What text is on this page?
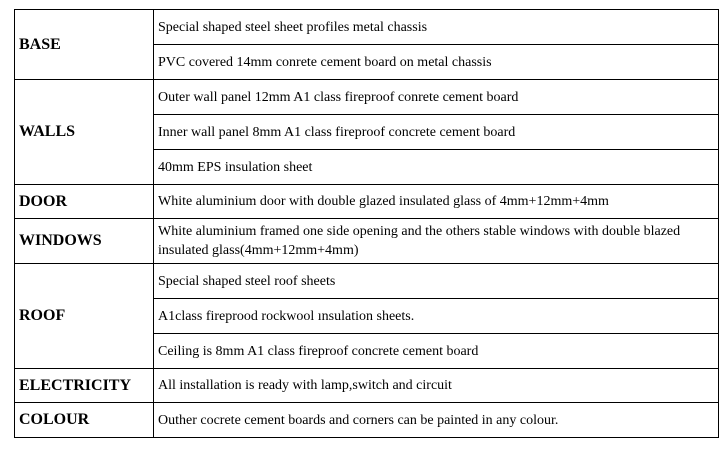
BASE	Special shaped steel sheet profiles metal chassis
	PVC covered 14mm conrete cement board on metal chassis
WALLS	Outer wall panel 12mm A1 class fireproof conrete cement board
	Inner wall panel 8mm A1 class fireproof concrete cement board
	40mm EPS insulation sheet
DOOR	White aluminium door with double glazed insulated glass of 4mm+12mm+4mm
WINDOWS	White aluminium framed one side opening and the others stable windows with double blazed insulated glass(4mm+12mm+4mm)
ROOF	Special shaped steel roof sheets
	A1class fireprood rockwool ınsulation sheets.
	Ceiling is 8mm A1 class fireproof concrete cement board
ELECTRICITY	All installation is ready with lamp,switch and circuit
COLOUR	Outher cocrete cement boards and corners can be painted in any colour.
